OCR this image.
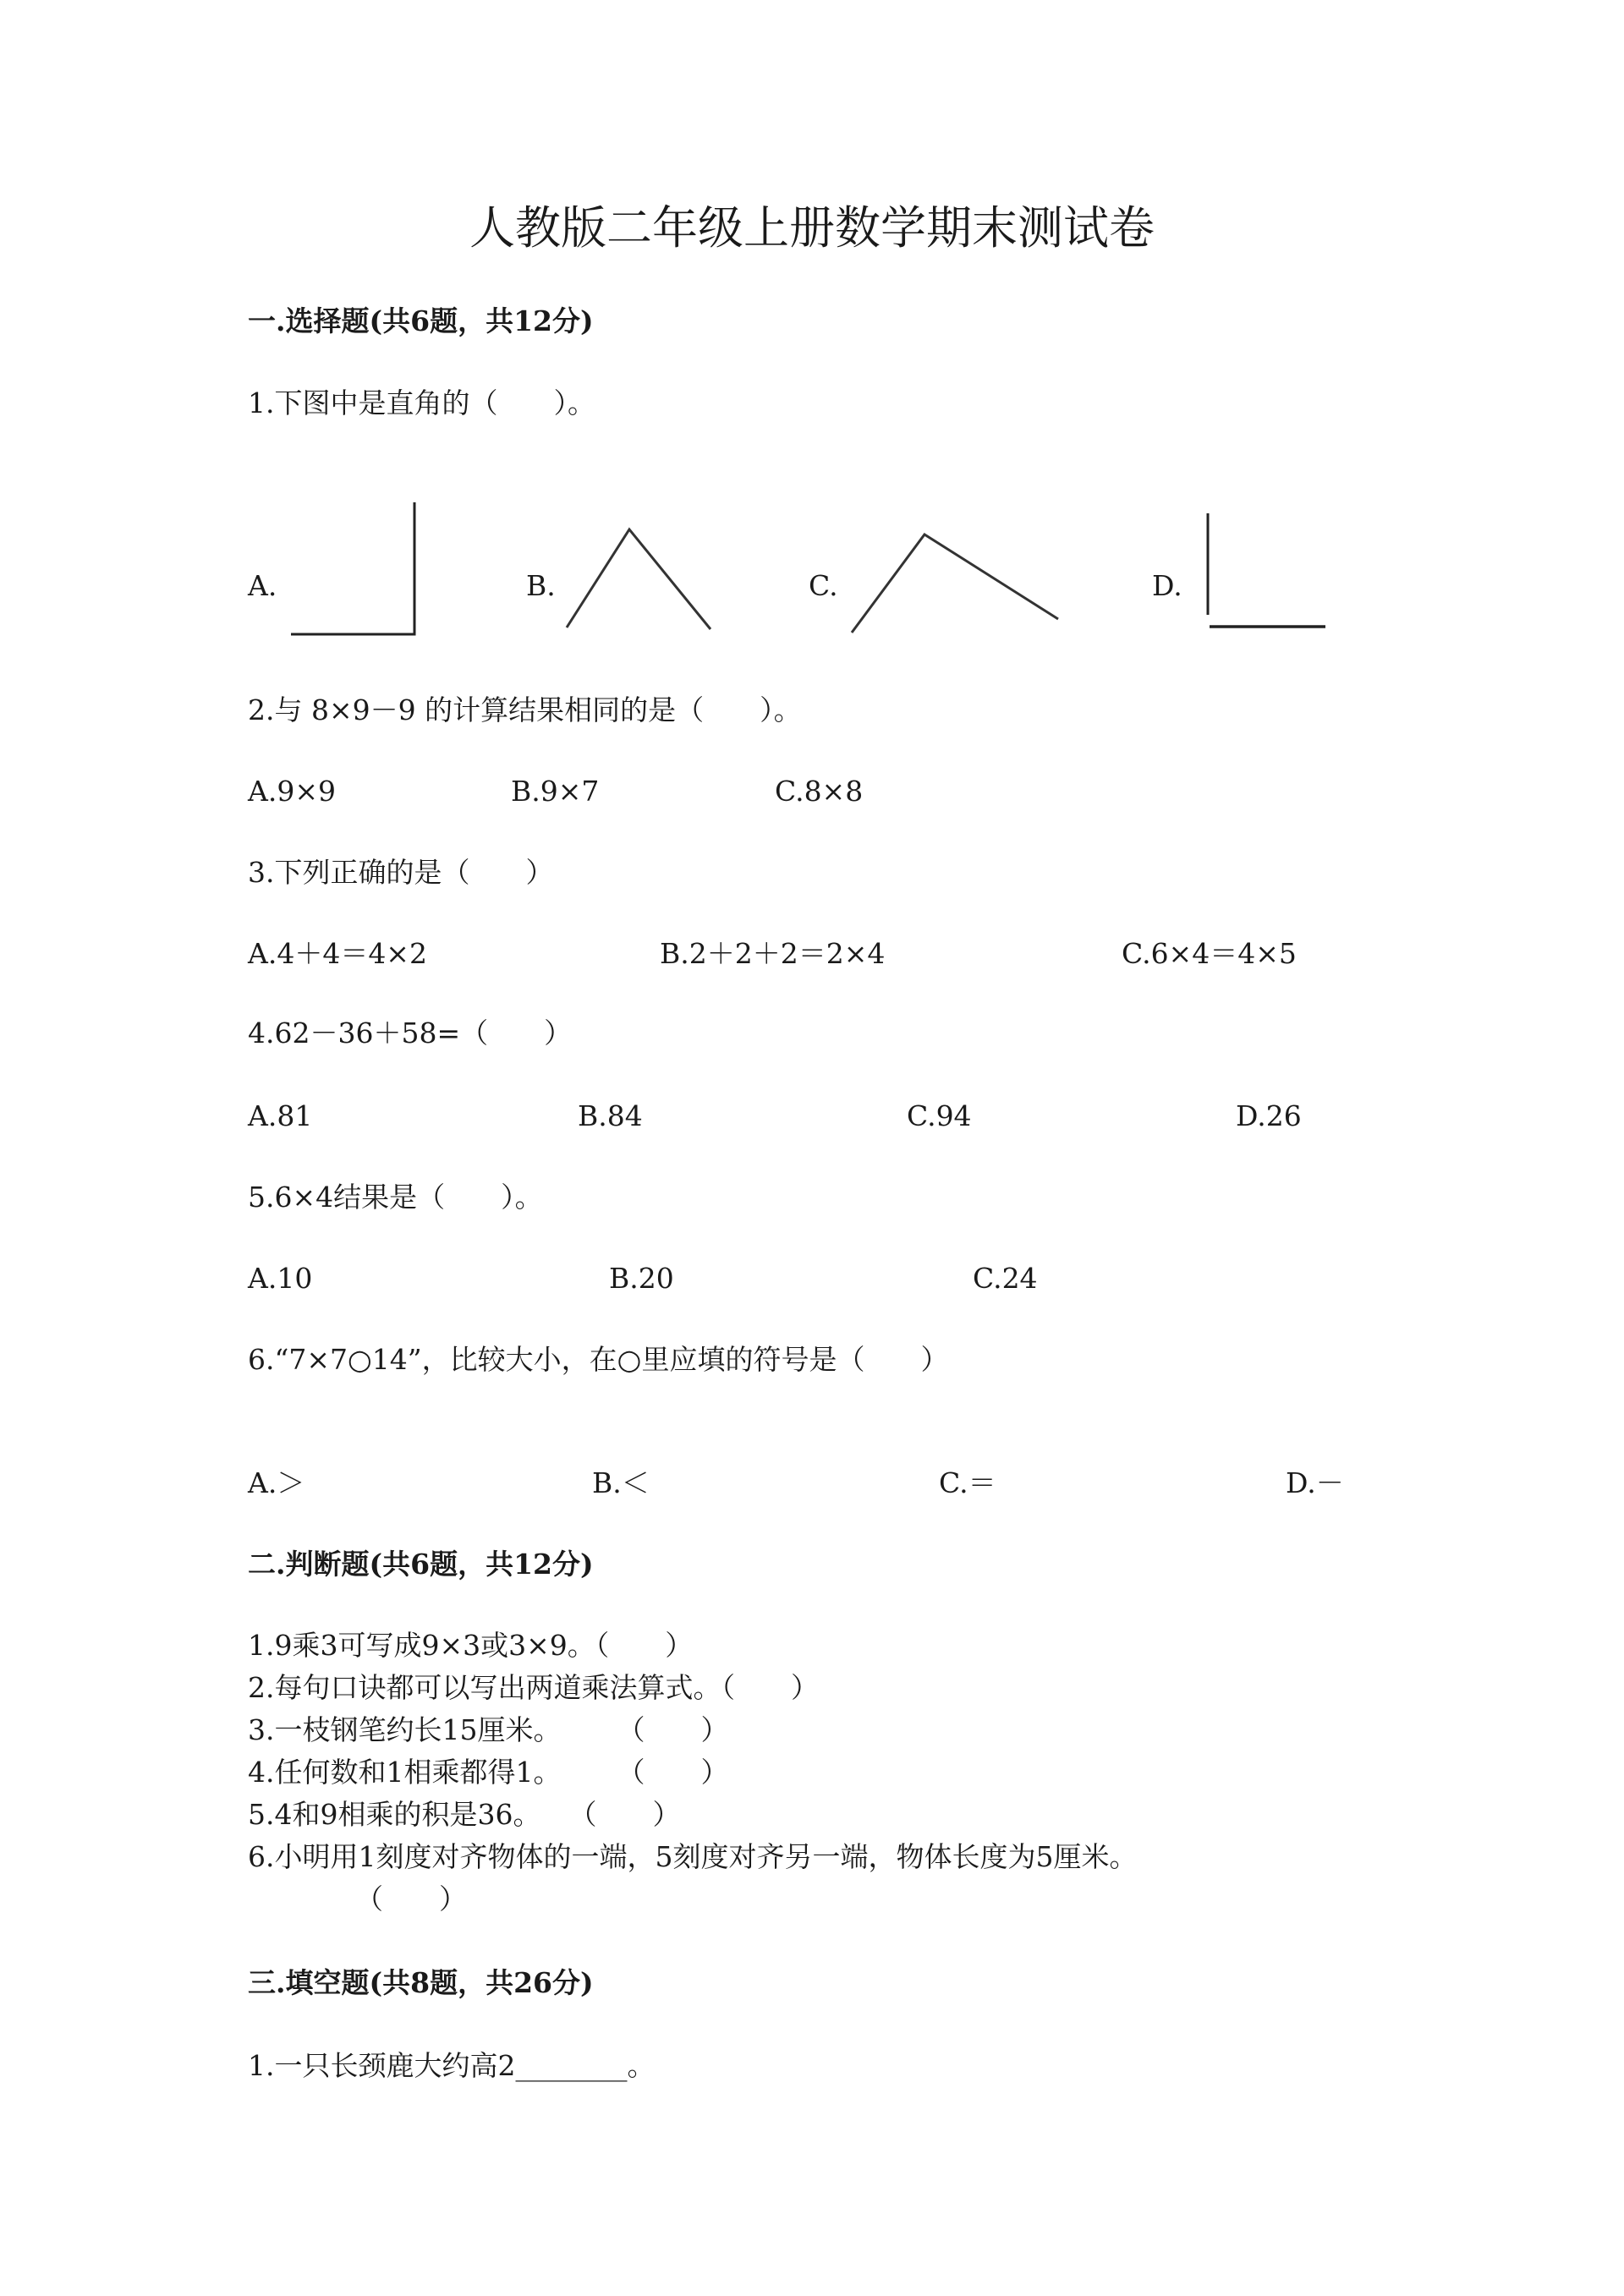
人教版二年级上册数学期末测试卷
一.选择题(共6题，共12分)
1.下图中是直角的（　　）。
A.	B.	C.	D.
2.与 8×9－9 的计算结果相同的是（　　）。
A.9×9	B.9×7	C.8×8
3.下列正确的是（　　）
A.4＋4＝4×2	B.2＋2＋2＝2×4	C.6×4＝4×5
4.62－36＋58=（　　）
A.81	B.84	C.94	D.26
5.6×4结果是（　　）。
A.10	B.20	C.24
6.“7×7○14”，比较大小，在○里应填的符号是（　　）
A.＞	B.＜	C.＝	D.－
二.判断题(共6题，共12分)
1.9乘3可写成9×3或3×9。（　　）
2.每句口诀都可以写出两道乘法算式。（　　）
3.一枝钢笔约长15厘米。　　　（　　）
4.任何数和1相乘都得1。　　　（　　）
5.4和9相乘的积是36。　　（　　）
6.小明用1刻度对齐物体的一端，5刻度对齐另一端，物体长度为5厘米。
（　　）
三.填空题(共8题，共26分)
1.一只长颈鹿大约高2________。
